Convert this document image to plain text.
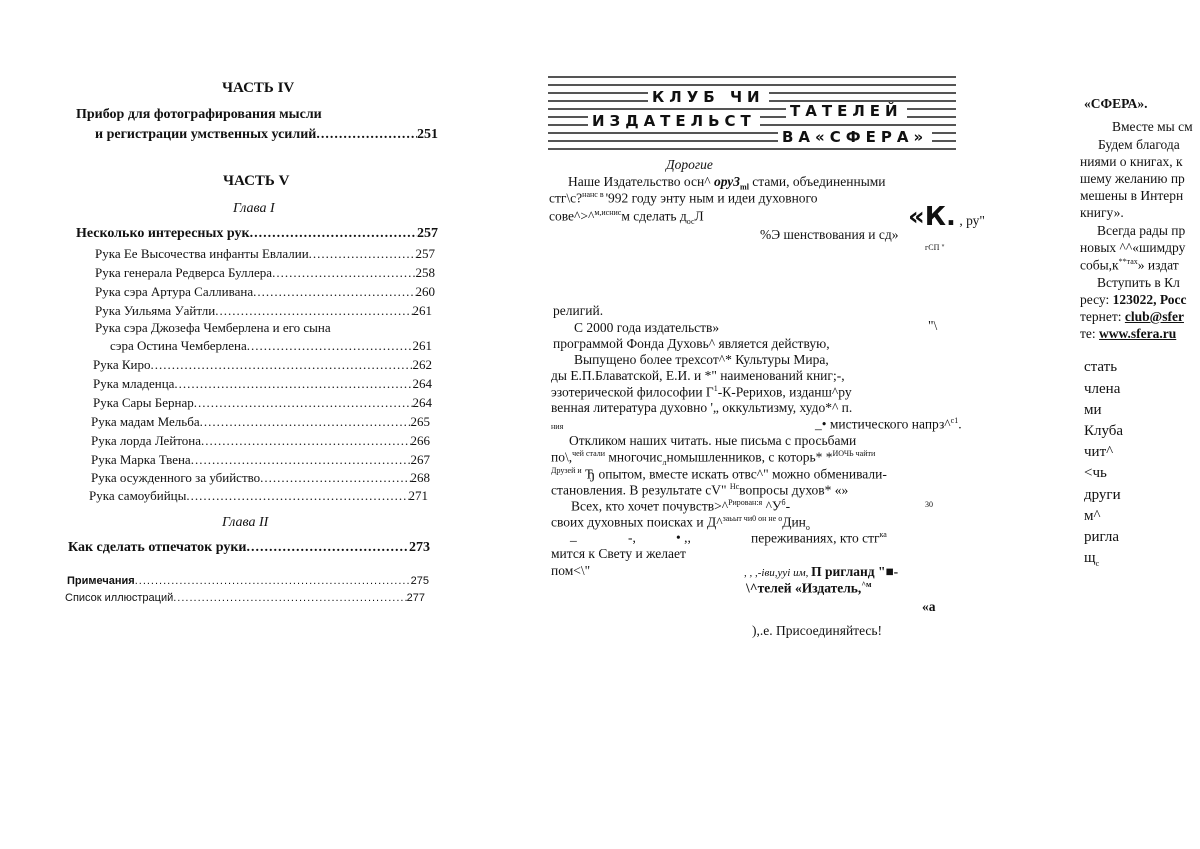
ЧАСТЬ IV
Прибор для фотографирования мысли
и регистрации умственных усилий .....	251
ЧАСТЬ V
Глава I
Несколько интересных рук .....	257
Рука Ее Высочества инфанты Евлалии .....	257
Рука генерала Редверса Буллера .....	258
Рука сэра Артура Салливана .....	260
Рука Уильяма Уайтли .....	261
Рука сэра Джозефа Чемберлена и его сына
сэра Остина Чемберлена .....	261
Рука Киро .....	262
Рука младенца .....	264
Рука Сары Бернар .....	264
Рука мадам Мельба .....	265
Рука лорда Лейтона .....	266
Рука Марка Твена .....	267
Рука осужденного за убийство .....	268
Рука самоубийцы .....	271
Глава II
Как сделать отпечаток руки .....	273
Примечания .....	275
Список иллюстраций .....	277
КЛУБ ЧИ
ТАТЕЛЕЙ
ИЗДАТЕЛЬСТ
ВА«СФЕРА»
Дорогие
Наше Издательство осн^ $ору3_{ml}$ стами, объединенными
стг\с?$^{нанс в}$ '992 году энту ным и идеи духовного
сове^>^$^{м,иснис}$м сделать $д_{ос}Л$	«К. , ру"
%Э шенствования и сд»
гСП "
религий.
С 2000 года издательств»	"\
программой Фонда Духовь^ является действую,
Выпущено более трехсот^* Культуры Мира,
ды Е.П.Блаватской, Е.И. и *" наименований книг;-,
эзотерической философии $Г^1-К$-Рерихов, изданш^ру
венная литература духовно '„ оккультизму, худо*^ п.
ния	_• мистического напрз^$^{с1}$.
Откликом наших читать. ные письма с просьбами
по\,$^{чей стали}$ многочис$_л$номышленников, с которь* *$^{ИОЧЬ}$ $^{чайти}$
$^{Друзей и}$ Ђ опытом, вместе искать отвс^" можно обменивали-
становления. В результате сV" $^{Нс}$вопросы духов* «»
Всех, кто хочет почувств>^$^{Рирован:я}$ $\^{}У^б-$	30
своих духовных поисках и Д^$^{заьыт чи0 он не о}$Дин$_о$
_	-,	• ,,	переживаниях, кто стг$^{ка}$
мится к Свету и желает
пом<\"	, , ,-іви,ууі им, П ригланд "■-
\^телей «Издатель,$^{\^{}м}$
«а
),.е. Присоединяйтесь!
«СФЕРА».
Вместе мы см
Будем благода
ниями о книгах, к
шему желанию пр
мешены в Интерн
книгу».
Всегда рады пр
новых ^^«шимдру
$собы,к^{**тах}$» издат
Вступить в Кл
ресу: 123022, Росс
тернет: club@sfer
те: www.sfera.ru
стать
члена
ми
Клуба
чит^
<чь
други
м^
ригла
$щ_с$
